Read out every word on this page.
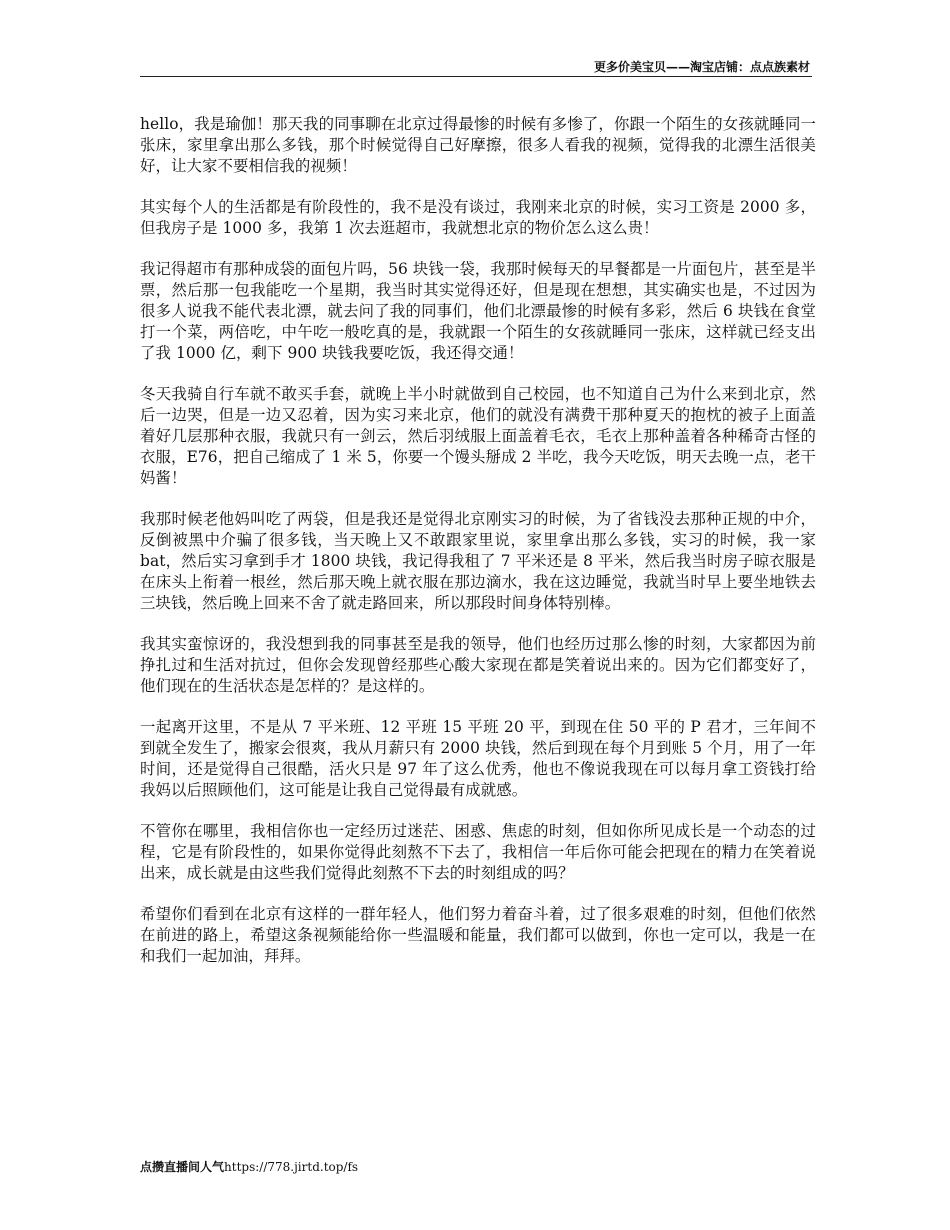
更多价美宝贝——淘宝店铺：点点族素材

hello，我是瑜伽！那天我的同事聊在北京过得最惨的时候有多惨了，你跟一个陌生的女孩就睡同一张床，家里拿出那么多钱，那个时候觉得自己好摩擦，很多人看我的视频，觉得我的北漂生活很美好，让大家不要相信我的视频！

其实每个人的生活都是有阶段性的，我不是没有谈过，我刚来北京的时候，实习工资是 2000 多，但我房子是 1000 多，我第 1 次去逛超市，我就想北京的物价怎么这么贵！

我记得超市有那种成袋的面包片吗，56 块钱一袋，我那时候每天的早餐都是一片面包片，甚至是半票，然后那一包我能吃一个星期，我当时其实觉得还好，但是现在想想，其实确实也是，不过因为很多人说我不能代表北漂，就去问了我的同事们，他们北漂最惨的时候有多彩，然后 6 块钱在食堂打一个菜，两倍吃，中午吃一般吃真的是，我就跟一个陌生的女孩就睡同一张床，这样就已经支出了我 1000 亿，剩下 900 块钱我要吃饭，我还得交通！

冬天我骑自行车就不敢买手套，就晚上半小时就做到自己校园，也不知道自己为什么来到北京，然后一边哭，但是一边又忍着，因为实习来北京，他们的就没有满费干那种夏天的抱枕的被子上面盖着好几层那种衣服，我就只有一剑云，然后羽绒服上面盖着毛衣，毛衣上那种盖着各种稀奇古怪的衣服，E76，把自己缩成了 1 米 5，你要一个馒头掰成 2 半吃，我今天吃饭，明天去晚一点，老干妈酱！

我那时候老他妈叫吃了两袋，但是我还是觉得北京刚实习的时候，为了省钱没去那种正规的中介，反倒被黑中介骗了很多钱，当天晚上又不敢跟家里说，家里拿出那么多钱，实习的时候，我一家 bat，然后实习拿到手才 1800 块钱，我记得我租了 7 平米还是 8 平米，然后我当时房子晾衣服是在床头上衔着一根丝，然后那天晚上就衣服在那边滴水，我在这边睡觉，我就当时早上要坐地铁去三块钱，然后晚上回来不舍了就走路回来，所以那段时间身体特别棒。

我其实蛮惊讶的，我没想到我的同事甚至是我的领导，他们也经历过那么惨的时刻，大家都因为前挣扎过和生活对抗过，但你会发现曾经那些心酸大家现在都是笑着说出来的。因为它们都变好了，他们现在的生活状态是怎样的？是这样的。

一起离开这里，不是从 7 平米班、12 平班 15 平班 20 平，到现在住 50 平的 P 君才，三年间不到就全发生了，搬家会很爽，我从月薪只有 2000 块钱，然后到现在每个月到账 5 个月，用了一年时间，还是觉得自己很酷，活火只是 97 年了这么优秀，他也不像说我现在可以每月拿工资钱打给我妈以后照顾他们，这可能是让我自己觉得最有成就感。

不管你在哪里，我相信你也一定经历过迷茫、困惑、焦虑的时刻，但如你所见成长是一个动态的过程，它是有阶段性的，如果你觉得此刻熬不下去了，我相信一年后你可能会把现在的精力在笑着说出来，成长就是由这些我们觉得此刻熬不下去的时刻组成的吗？

希望你们看到在北京有这样的一群年轻人，他们努力着奋斗着，过了很多艰难的时刻，但他们依然在前进的路上，希望这条视频能给你一些温暖和能量，我们都可以做到，你也一定可以，我是一在和我们一起加油，拜拜。

点攒直播间人气https://778.jirtd.top/fs
